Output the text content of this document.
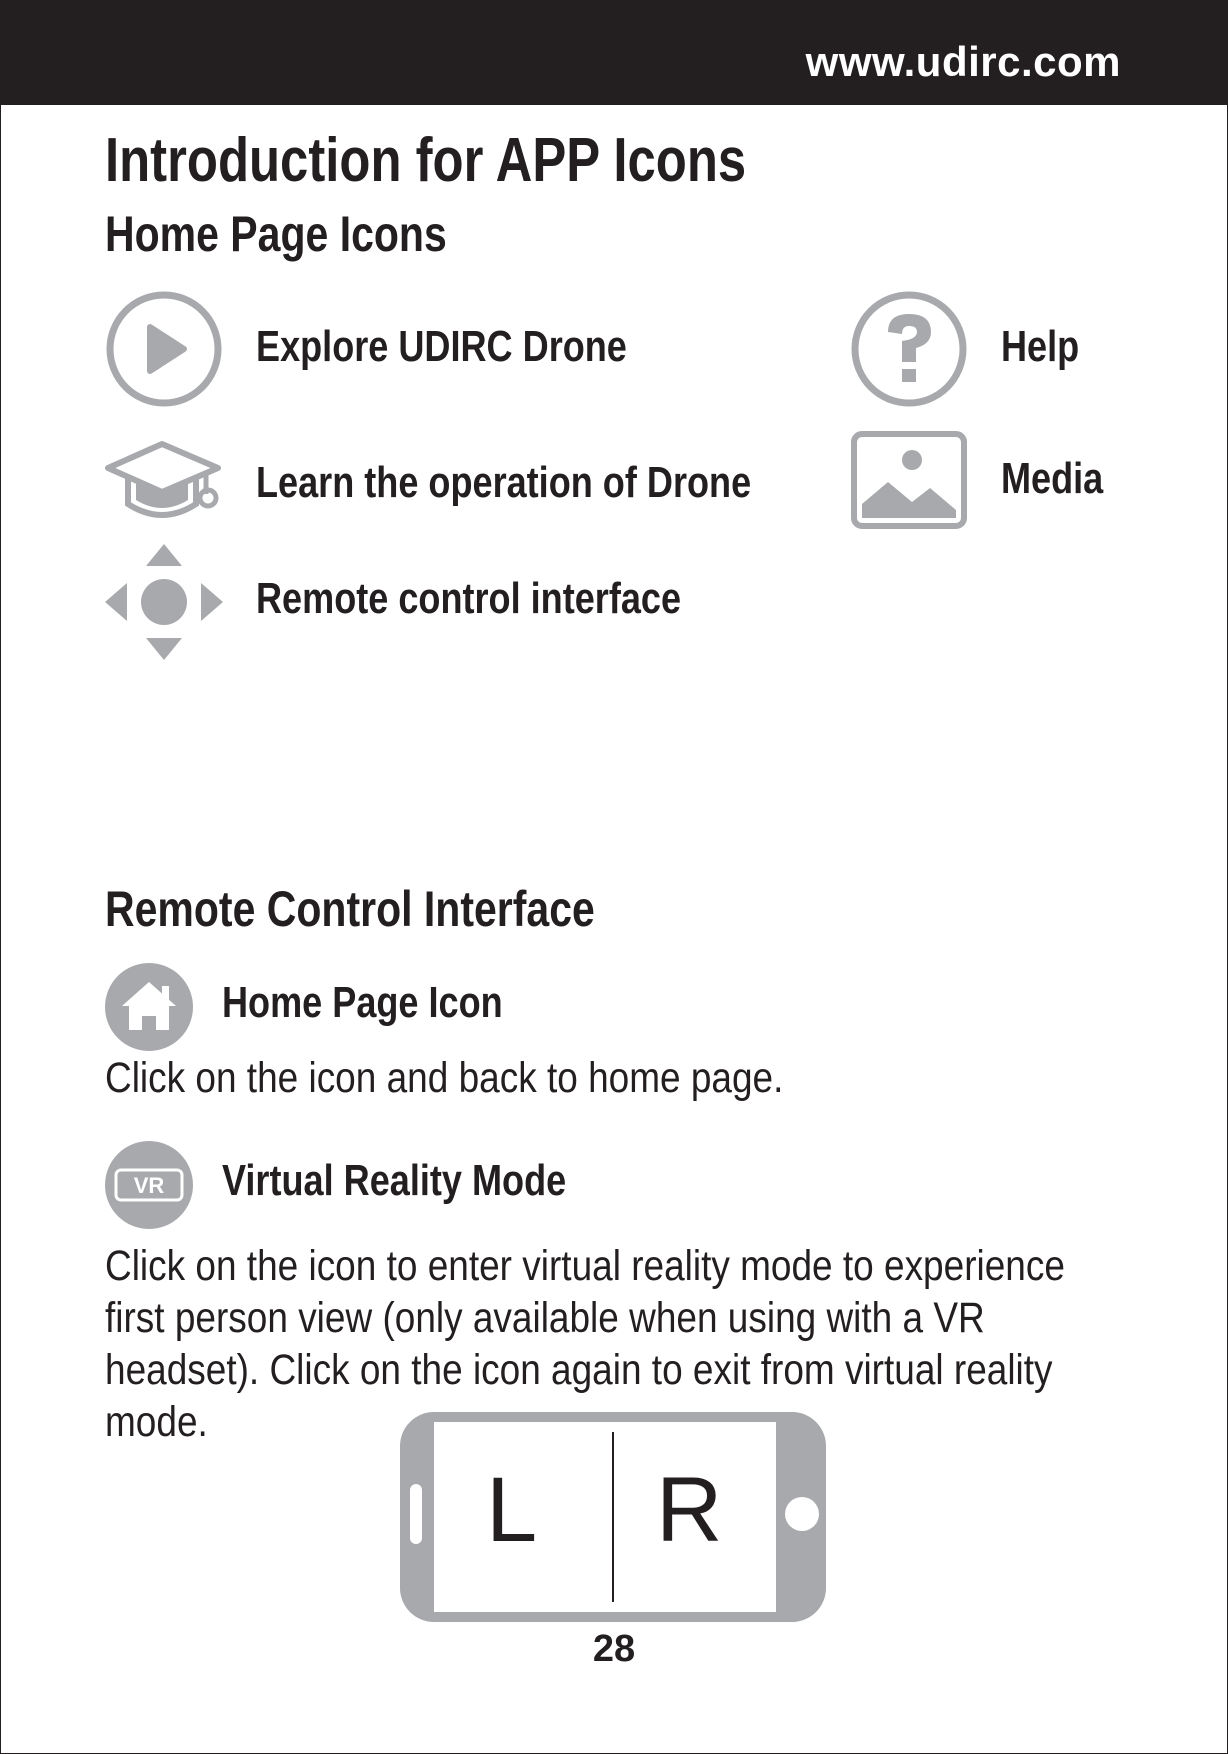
www.udirc.com
Introduction for APP Icons
Home Page Icons
Explore UDIRC Drone
Learn the operation of Drone
Remote control interface
Help
Media
Remote Control Interface
Home Page Icon
Click on the icon and back to home page.
VR Virtual Reality Mode
Click on the icon to enter virtual reality mode to experience
first person view (only available when using with a VR
headset). Click on the icon again to exit from virtual reality
mode.
L R
28
